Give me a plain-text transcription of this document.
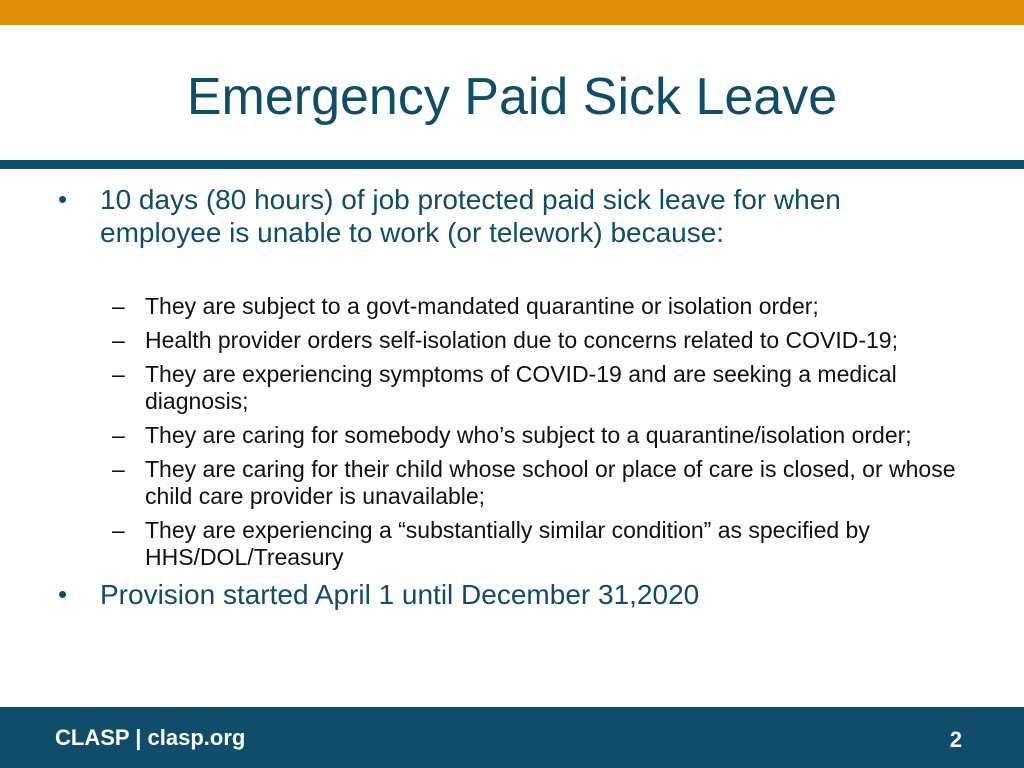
Emergency Paid Sick Leave
• 10 days (80 hours) of job protected paid sick leave for when employee is unable to work (or telework) because:
– They are subject to a govt-mandated quarantine or isolation order;
– Health provider orders self-isolation due to concerns related to COVID-19;
– They are experiencing symptoms of COVID-19 and are seeking a medical diagnosis;
– They are caring for somebody who’s subject to a quarantine/isolation order;
– They are caring for their child whose school or place of care is closed, or whose child care provider is unavailable;
– They are experiencing a “substantially similar condition” as specified by HHS/DOL/Treasury
• Provision started April 1 until December 31,2020
CLASP | clasp.org	2
